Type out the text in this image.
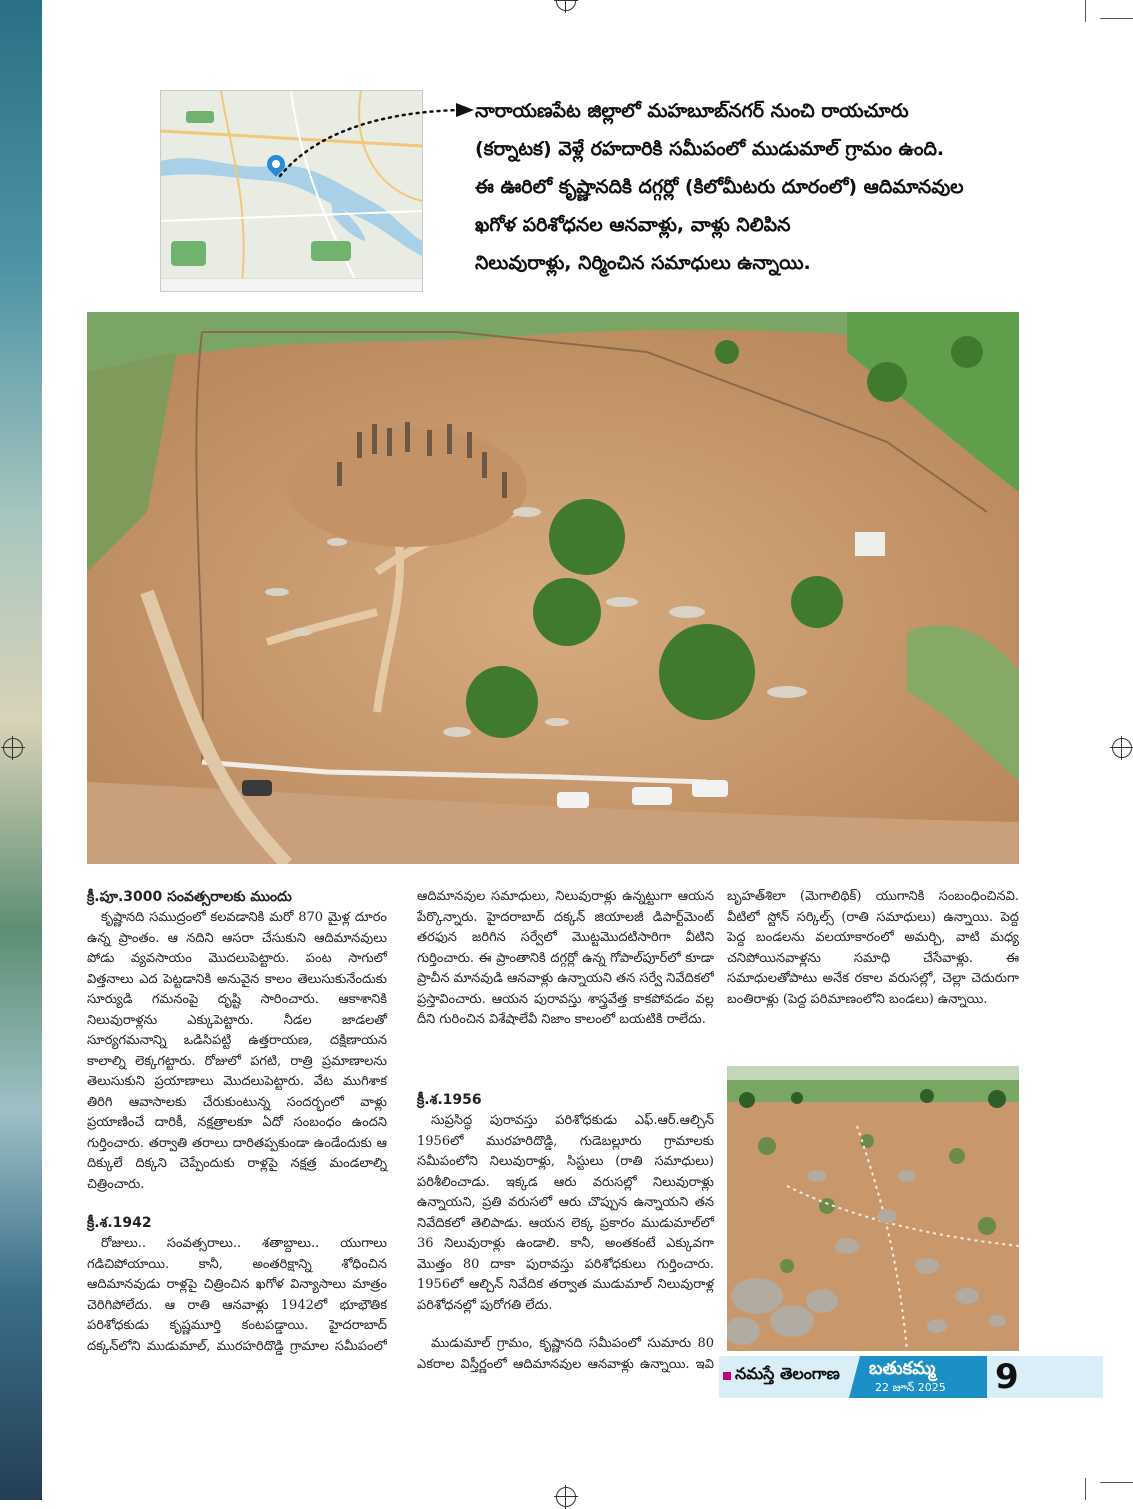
నారాయణపేట జిల్లాలో మహబూబ్‌నగర్ నుంచి రాయచూరు
(కర్నాటక) వెళ్లే రహదారికి సమీపంలో ముడుమాల్ గ్రామం ఉంది.
ఈ ఊరిలో కృష్ణానదికి దగ్గర్లో (కిలోమీటరు దూరంలో) ఆదిమానవుల
ఖగోళ పరిశోధనల ఆనవాళ్లు, వాళ్లు నిలిపిన
నిలువురాళ్లు, నిర్మించిన సమాధులు ఉన్నాయి.

క్రీ.పూ.3000 సంవత్సరాలకు ముందు

కృష్ణానది సముద్రంలో కలవడానికి మరో 870 మైళ్ల దూరం ఉన్న ప్రాంతం. ఆ నదిని ఆసరా చేసుకుని ఆదిమానవులు పోడు వ్యవసాయం మొదలుపెట్టారు. పంట సాగులో విత్తనాలు ఎద పెట్టడానికి అనువైన కాలం తెలుసుకునేందుకు సూర్యుడి గమనంపై దృష్టి సారించారు. ఆకాశానికి నిలువురాళ్లను ఎక్కుపెట్టారు. నీడల జాడలతో సూర్యగమనాన్ని ఒడిసిపట్టి ఉత్తరాయణ, దక్షిణాయన కాలాల్ని లెక్కగట్టారు. రోజులో పగటి, రాత్రి ప్రమాణాలను తెలుసుకుని ప్రయాణాలు మొదలుపెట్టారు. వేట ముగిశాక తిరిగి ఆవాసాలకు చేరుకుంటున్న సందర్భంలో వాళ్లు ప్రయాణించే దారికీ, నక్షత్రాలకూ ఏదో సంబంధం ఉందని గుర్తించారు. తర్వాతి తరాలు దారితప్పకుండా ఉండేందుకు ఆ దిక్కులే దిక్కని చెప్పేందుకు రాళ్లపై నక్షత్ర మండలాల్ని చిత్రించారు.

క్రీ.శ.1942

రోజులు.. సంవత్సరాలు.. శతాబ్దాలు.. యుగాలు గడిచిపోయాయి. కానీ, అంతరిక్షాన్ని శోధించిన ఆదిమానవుడు రాళ్లపై చిత్రించిన ఖగోళ విన్యాసాలు మాత్రం చెరిగిపోలేదు. ఆ రాతి ఆనవాళ్లు 1942లో భూభౌతిక పరిశోధకుడు కృష్ణమూర్తి కంటపడ్డాయి. హైదరాబాద్ దక్కన్‌లోని ముడుమాల్, మురహరిదొడ్డి గ్రామాల సమీపంలో

ఆదిమానవుల సమాధులు, నిలువురాళ్లు ఉన్నట్టుగా ఆయన పేర్కొన్నారు. హైదరాబాద్ దక్కన్ జియాలజీ డిపార్ట్‌మెంట్ తరఫున జరిగిన సర్వేలో మొట్టమొదటిసారిగా వీటిని గుర్తించారు. ఈ ప్రాంతానికి దగ్గర్లో ఉన్న గోపాల్‌పూర్‌లో కూడా ప్రాచీన మానవుడి ఆనవాళ్లు ఉన్నాయని తన సర్వే నివేదికలో ప్రస్తావించారు. ఆయన పురావస్తు శాస్త్రవేత్త కాకపోవడం వల్ల దీని గురించిన విశేషాలేవీ నిజాం కాలంలో బయటికి రాలేదు.

క్రీ.శ.1956

సుప్రసిద్ధ పురావస్తు పరిశోధకుడు ఎఫ్.ఆర్.ఆల్చిన్ 1956లో మురహరిదొడ్డి, గుడెబల్లూరు గ్రామాలకు సమీపంలోని నిలువురాళ్లు, సిస్టులు (రాతి సమాధులు) పరిశీలించాడు. ఇక్కడ ఆరు వరుసల్లో నిలువురాళ్లు ఉన్నాయని, ప్రతి వరుసలో ఆరు చొప్పున ఉన్నాయని తన నివేదికలో తెలిపాడు. ఆయన లెక్క ప్రకారం ముడుమాల్‌లో 36 నిలువురాళ్లు ఉండాలి. కానీ, అంతకంటే ఎక్కువగా మొత్తం 80 దాకా పురావస్తు పరిశోధకులు గుర్తించారు. 1956లో ఆల్చిన్ నివేదిక తర్వాత ముడుమాల్ నిలువురాళ్ల పరిశోధనల్లో పురోగతి లేదు.

ముడుమాల్ గ్రామం, కృష్ణానది సమీపంలో సుమారు 80 ఎకరాల విస్తీర్ణంలో ఆదిమానవుల ఆనవాళ్లు ఉన్నాయి. ఇవి

బృహత్‌శిలా (మెగాలిథిక్) యుగానికి సంబంధించినవి. వీటిలో స్టోన్ సర్కిల్స్ (రాతి సమాధులు) ఉన్నాయి. పెద్ద పెద్ద బండలను వలయాకారంలో అమర్చి, వాటి మధ్య చనిపోయినవాళ్లను సమాధి చేసేవాళ్లు. ఈ సమాధులతోపాటు అనేక రకాల వరుసల్లో, చెల్లా చెదురుగా బంతిరాళ్లు (పెద్ద పరిమాణంలోని బండలు) ఉన్నాయి.

నమస్తే తెలంగాణ బతుకమ్మ
22 జూన్ 2025 9
